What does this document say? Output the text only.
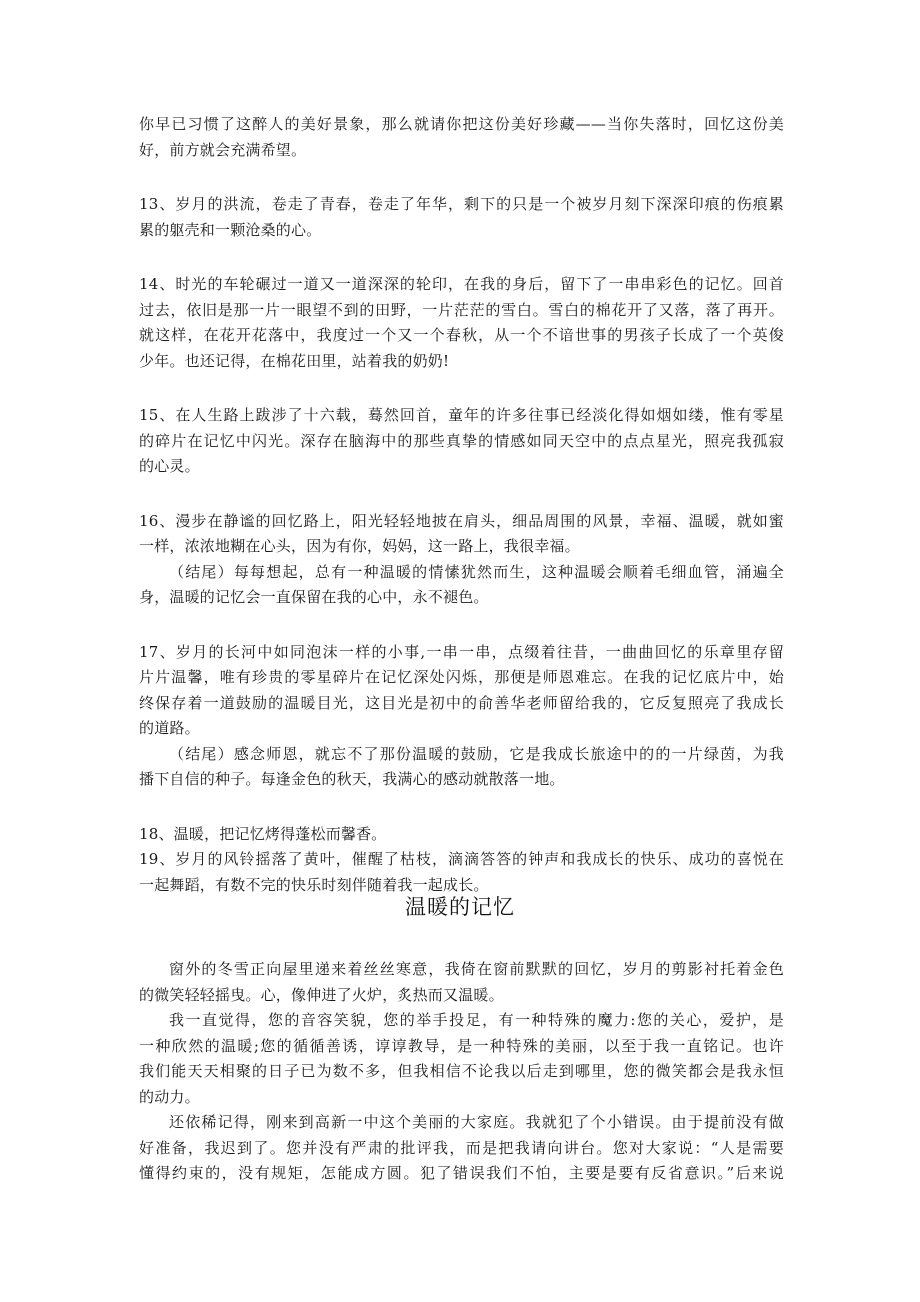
你早已习惯了这醉人的美好景象，那么就请你把这份美好珍藏——当你失落时，回忆这份美
好，前方就会充满希望。
13、岁月的洪流，卷走了青春，卷走了年华，剩下的只是一个被岁月刻下深深印痕的伤痕累
累的躯壳和一颗沧桑的心。
14、时光的车轮碾过一道又一道深深的轮印，在我的身后，留下了一串串彩色的记忆。回首
过去，依旧是那一片一眼望不到的田野，一片茫茫的雪白。雪白的棉花开了又落，落了再开。
就这样，在花开花落中，我度过一个又一个春秋，从一个不谙世事的男孩子长成了一个英俊
少年。也还记得，在棉花田里，站着我的奶奶!
15、在人生路上跋涉了十六载，蓦然回首，童年的许多往事已经淡化得如烟如缕，惟有零星
的碎片在记忆中闪光。深存在脑海中的那些真挚的情感如同天空中的点点星光，照亮我孤寂
的心灵。
16、漫步在静谧的回忆路上，阳光轻轻地披在肩头，细品周围的风景，幸福、温暖，就如蜜
一样，浓浓地糊在心头，因为有你，妈妈，这一路上，我很幸福。
（结尾）每每想起，总有一种温暖的情愫犹然而生，这种温暖会顺着毛细血管，涌遍全
身，温暖的记忆会一直保留在我的心中，永不褪色。
17、岁月的长河中如同泡沫一样的小事,一串一串，点缀着往昔，一曲曲回忆的乐章里存留
片片温馨，唯有珍贵的零星碎片在记忆深处闪烁，那便是师恩难忘。在我的记忆底片中，始
终保存着一道鼓励的温暖目光，这目光是初中的俞善华老师留给我的，它反复照亮了我成长
的道路。
（结尾）感念师恩，就忘不了那份温暖的鼓励，它是我成长旅途中的的一片绿茵，为我
播下自信的种子。每逢金色的秋天，我满心的感动就散落一地。
18、温暖，把记忆烤得蓬松而馨香。
19、岁月的风铃摇落了黄叶，催醒了枯枝，滴滴答答的钟声和我成长的快乐、成功的喜悦在
一起舞蹈，有数不完的快乐时刻伴随着我一起成长。
温暖的记忆
窗外的冬雪正向屋里递来着丝丝寒意，我倚在窗前默默的回忆，岁月的剪影衬托着金色
的微笑轻轻摇曳。心，像伸进了火炉，炙热而又温暖。
我一直觉得，您的音容笑貌，您的举手投足，有一种特殊的魔力:您的关心，爱护，是
一种欣然的温暖;您的循循善诱，谆谆教导，是一种特殊的美丽，以至于我一直铭记。也许
我们能天天相聚的日子已为数不多，但我相信不论我以后走到哪里，您的微笑都会是我永恒
的动力。
还依稀记得，刚来到高新一中这个美丽的大家庭。我就犯了个小错误。由于提前没有做
好准备，我迟到了。您并没有严肃的批评我，而是把我请向讲台。您对大家说：“人是需要
懂得约束的，没有规矩，怎能成方圆。犯了错误我们不怕，主要是要有反省意识。”后来说
